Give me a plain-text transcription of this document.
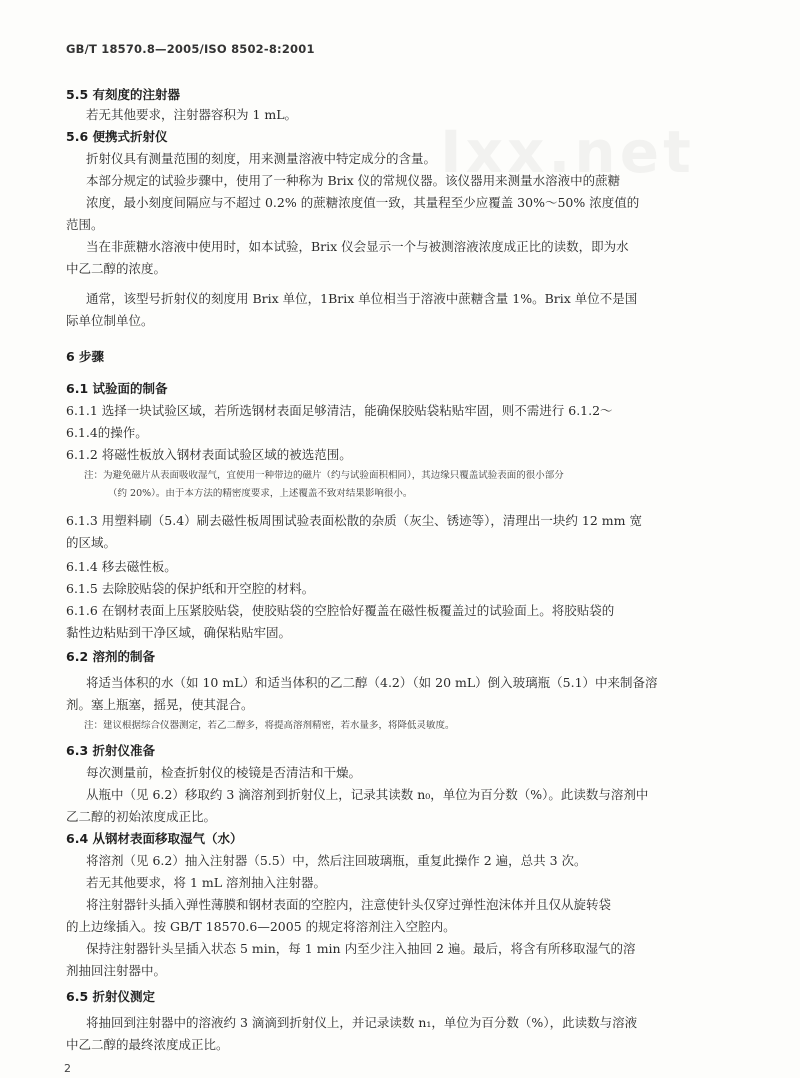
Ixx.net
GB/T 18570.8—2005/ISO 8502-8:2001
5.5 有刻度的注射器
若无其他要求，注射器容积为 1 mL。
5.6 便携式折射仪
折射仪具有测量范围的刻度，用来测量溶液中特定成分的含量。
本部分规定的试验步骤中，使用了一种称为 Brix 仪的常规仪器。该仪器用来测量水溶液中的蔗糖
浓度，最小刻度间隔应与不超过 0.2% 的蔗糖浓度值一致，其量程至少应覆盖 30%～50% 浓度值的
范围。
当在非蔗糖水溶液中使用时，如本试验，Brix 仪会显示一个与被测溶液浓度成正比的读数，即为水
中乙二醇的浓度。
通常，该型号折射仪的刻度用 Brix 单位，1Brix 单位相当于溶液中蔗糖含量 1%。Brix 单位不是国
际单位制单位。
6 步骤
6.1 试验面的制备
6.1.1 选择一块试验区域，若所选钢材表面足够清洁，能确保胶贴袋粘贴牢固，则不需进行 6.1.2～
6.1.4的操作。
6.1.2 将磁性板放入钢材表面试验区域的被选范围。
注：为避免磁片从表面吸收湿气，宜使用一种带边的磁片（约与试验面积相同），其边缘只覆盖试验表面的很小部分
（约 20%）。由于本方法的精密度要求，上述覆盖不致对结果影响很小。
6.1.3 用塑料刷（5.4）刷去磁性板周围试验表面松散的杂质（灰尘、锈迹等），清理出一块约 12 mm 宽
的区域。
6.1.4 移去磁性板。
6.1.5 去除胶贴袋的保护纸和开空腔的材料。
6.1.6 在钢材表面上压紧胶贴袋，使胶贴袋的空腔恰好覆盖在磁性板覆盖过的试验面上。将胶贴袋的
黏性边粘贴到干净区域，确保粘贴牢固。
6.2 溶剂的制备
将适当体积的水（如 10 mL）和适当体积的乙二醇（4.2）（如 20 mL）倒入玻璃瓶（5.1）中来制备溶
剂。塞上瓶塞，摇晃，使其混合。
注：建议根据综合仪器测定，若乙二醇多，将提高溶剂精密，若水量多，将降低灵敏度。
6.3 折射仪准备
每次测量前，检查折射仪的棱镜是否清洁和干燥。
从瓶中（见 6.2）移取约 3 滴溶剂到折射仪上，记录其读数 n₀，单位为百分数（%）。此读数与溶剂中
乙二醇的初始浓度成正比。
6.4 从钢材表面移取湿气（水）
将溶剂（见 6.2）抽入注射器（5.5）中，然后注回玻璃瓶，重复此操作 2 遍，总共 3 次。
若无其他要求，将 1 mL 溶剂抽入注射器。
将注射器针头插入弹性薄膜和钢材表面的空腔内，注意使针头仅穿过弹性泡沫体并且仅从旋转袋
的上边缘插入。按 GB/T 18570.6—2005 的规定将溶剂注入空腔内。
保持注射器针头呈插入状态 5 min，每 1 min 内至少注入抽回 2 遍。最后，将含有所移取湿气的溶
剂抽回注射器中。
6.5 折射仪测定
将抽回到注射器中的溶液约 3 滴滴到折射仪上，并记录读数 n₁，单位为百分数（%），此读数与溶液
中乙二醇的最终浓度成正比。
2
